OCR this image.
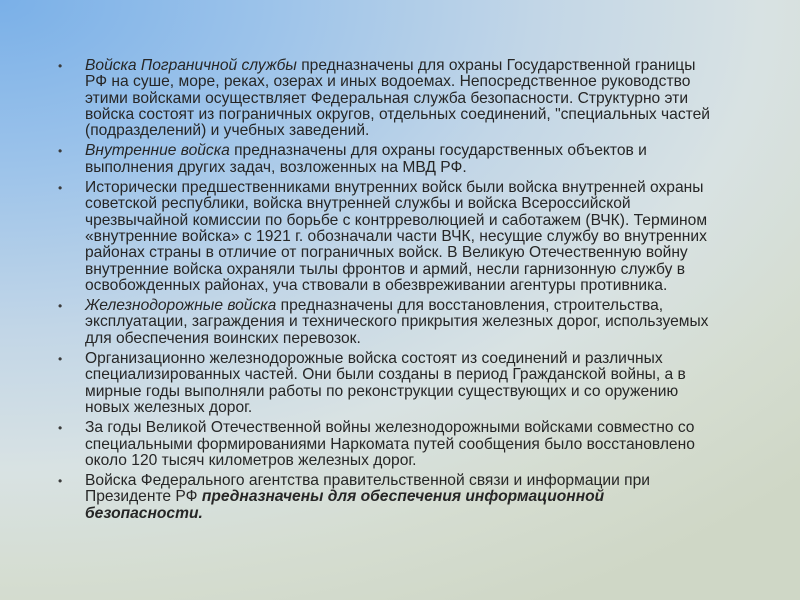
• Войска Пограничной службы предназначены для охраны Государственной границы РФ на суше, море, реках, озерах и иных водоемах. Непосредственное руководство этими войсками осуществляет Федеральная служба безопасности. Структурно эти войска состоят из пограничных округов, отдельных соединений, "специальных частей (подразделений) и учебных заведений.
• Внутренние войска предназначены для охраны государственных объектов и выполнения других задач, возложенных на МВД РФ.
• Исторически предшественниками внутренних войск были войска внутренней охраны советской республики, войска внутренней службы и войска Всероссийской чрезвычайной комиссии по борьбе с контрреволюцией и саботажем (ВЧК). Термином «внутренние войска» с 1921 г. обозначали части ВЧК, несущие службу во внутренних районах страны в отличие от пограничных войск. В Великую Отечественную войну внутренние войска охраняли тылы фронтов и армий, несли гарнизонную службу в освобожденных районах, уча ствовали в обезвреживании агентуры противника.
• Железнодорожные войска предназначены для восстановления, строительства, эксплуатации, заграждения и технического прикрытия железных дорог, используемых для обеспечения воинских перевозок.
• Организационно железнодорожные войска состоят из соединений и различных специализированных частей. Они были созданы в период Гражданской войны, а в мирные годы выполняли работы по реконструкции существующих и со оружению новых железных дорог.
• За годы Великой Отечественной войны железнодорожными войсками совместно со специальными формированиями Наркомата путей сообщения было восстановлено около 120 тысяч километров железных дорог.
• Войска Федерального агентства правительственной связи и информации при Президенте РФ предназначены для обеспечения информационной безопасности.
